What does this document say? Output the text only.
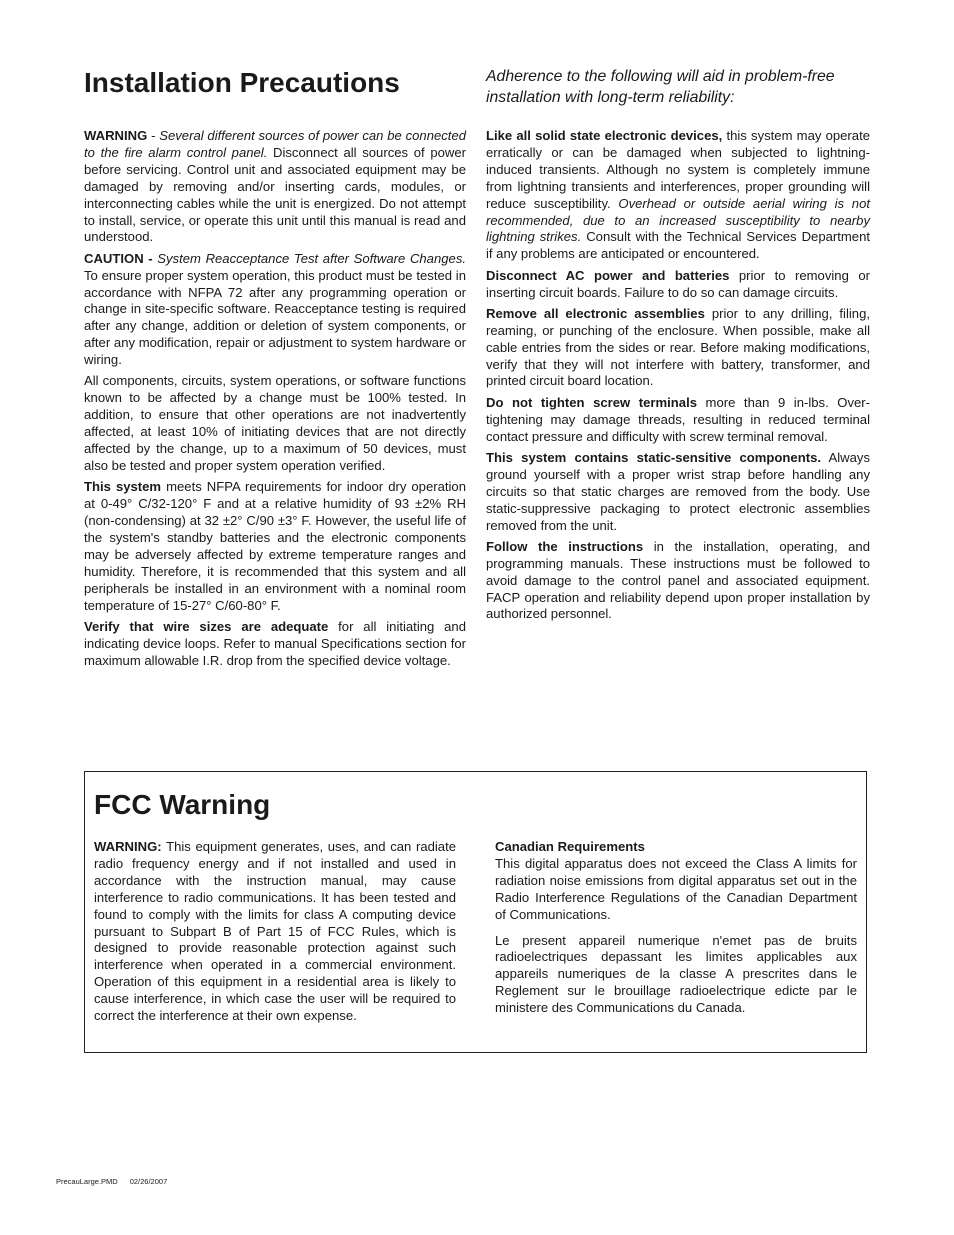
Installation Precautions	Adherence to the following will aid in problem-free installation with long-term reliability:

WARNING - Several different sources of power can be connected to the fire alarm control panel. Disconnect all sources of power before servicing. Control unit and associated equipment may be damaged by removing and/or inserting cards, modules, or interconnecting cables while the unit is energized. Do not attempt to install, service, or operate this unit until this manual is read and understood.

CAUTION - System Reacceptance Test after Software Changes. To ensure proper system operation, this product must be tested in accordance with NFPA 72 after any programming operation or change in site-specific software. Reacceptance testing is required after any change, addition or deletion of system components, or after any modification, repair or adjustment to system hardware or wiring.

All components, circuits, system operations, or software functions known to be affected by a change must be 100% tested. In addition, to ensure that other operations are not inadvertently affected, at least 10% of initiating devices that are not directly affected by the change, up to a maximum of 50 devices, must also be tested and proper system operation verified.

This system meets NFPA requirements for indoor dry operation at 0-49° C/32-120° F and at a relative humidity of 93 ±2% RH (non-condensing) at 32 ±2° C/90 ±3° F. However, the useful life of the system's standby batteries and the electronic components may be adversely affected by extreme temperature ranges and humidity. Therefore, it is recommended that this system and all peripherals be installed in an environment with a nominal room temperature of 15-27° C/60-80° F.

Verify that wire sizes are adequate for all initiating and indicating device loops. Refer to manual Specifications section for maximum allowable I.R. drop from the specified device voltage.

Like all solid state electronic devices, this system may operate erratically or can be damaged when subjected to lightning-induced transients. Although no system is completely immune from lightning transients and interferences, proper grounding will reduce susceptibility. Overhead or outside aerial wiring is not recommended, due to an increased susceptibility to nearby lightning strikes. Consult with the Technical Services Department if any problems are anticipated or encountered.

Disconnect AC power and batteries prior to removing or inserting circuit boards. Failure to do so can damage circuits.

Remove all electronic assemblies prior to any drilling, filing, reaming, or punching of the enclosure. When possible, make all cable entries from the sides or rear. Before making modifications, verify that they will not interfere with battery, transformer, and printed circuit board location.

Do not tighten screw terminals more than 9 in-lbs. Over-tightening may damage threads, resulting in reduced terminal contact pressure and difficulty with screw terminal removal.

This system contains static-sensitive components. Always ground yourself with a proper wrist strap before handling any circuits so that static charges are removed from the body. Use static-suppressive packaging to protect electronic assemblies removed from the unit.

Follow the instructions in the installation, operating, and programming manuals. These instructions must be followed to avoid damage to the control panel and associated equipment. FACP operation and reliability depend upon proper installation by authorized personnel.

FCC Warning

WARNING: This equipment generates, uses, and can radiate radio frequency energy and if not installed and used in accordance with the instruction manual, may cause interference to radio communications. It has been tested and found to comply with the limits for class A computing device pursuant to Subpart B of Part 15 of FCC Rules, which is designed to provide reasonable protection against such interference when operated in a commercial environment. Operation of this equipment in a residential area is likely to cause interference, in which case the user will be required to correct the interference at their own expense.

Canadian Requirements

This digital apparatus does not exceed the Class A limits for radiation noise emissions from digital apparatus set out in the Radio Interference Regulations of the Canadian Department of Communications.

Le present appareil numerique n'emet pas de bruits radioelectriques depassant les limites applicables aux appareils numeriques de la classe A prescrites dans le Reglement sur le brouillage radioelectrique edicte par le ministere des Communications du Canada.

PrecauLarge.PMD 02/26/2007
